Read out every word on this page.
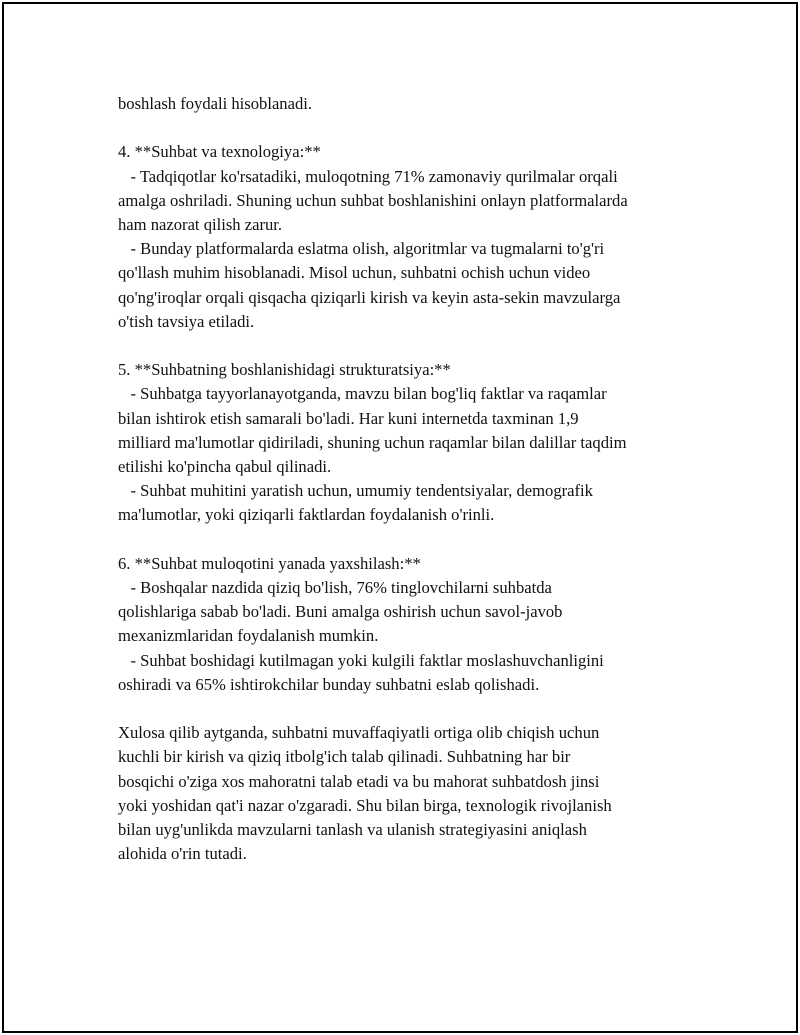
boshlash foydali hisoblanadi.

4. **Suhbat va texnologiya:**
- Tadqiqotlar ko'rsatadiki, muloqotning 71% zamonaviy qurilmalar orqali
amalga oshriladi. Shuning uchun suhbat boshlanishini onlayn platformalarda
ham nazorat qilish zarur.
- Bunday platformalarda eslatma olish, algoritmlar va tugmalarni to'g'ri
qo'llash muhim hisoblanadi. Misol uchun, suhbatni ochish uchun video
qo'ng'iroqlar orqali qisqacha qiziqarli kirish va keyin asta-sekin mavzularga
o'tish tavsiya etiladi.

5. **Suhbatning boshlanishidagi strukturatsiya:**
- Suhbatga tayyorlanayotganda, mavzu bilan bog'liq faktlar va raqamlar
bilan ishtirok etish samarali bo'ladi. Har kuni internetda taxminan 1,9
milliard ma'lumotlar qidiriladi, shuning uchun raqamlar bilan dalillar taqdim
etilishi ko'pincha qabul qilinadi.
- Suhbat muhitini yaratish uchun, umumiy tendentsiyalar, demografik
ma'lumotlar, yoki qiziqarli faktlardan foydalanish o'rinli.

6. **Suhbat muloqotini yanada yaxshilash:**
- Boshqalar nazdida qiziq bo'lish, 76% tinglovchilarni suhbatda
qolishlariga sabab bo'ladi. Buni amalga oshirish uchun savol-javob
mexanizmlaridan foydalanish mumkin.
- Suhbat boshidagi kutilmagan yoki kulgili faktlar moslashuvchanligini
oshiradi va 65% ishtirokchilar bunday suhbatni eslab qolishadi.

Xulosa qilib aytganda, suhbatni muvaffaqiyatli ortiga olib chiqish uchun
kuchli bir kirish va qiziq itbolg'ich talab qilinadi. Suhbatning har bir
bosqichi o'ziga xos mahoratni talab etadi va bu mahorat suhbatdosh jinsi
yoki yoshidan qat'i nazar o'zgaradi. Shu bilan birga, texnologik rivojlanish
bilan uyg'unlikda mavzularni tanlash va ulanish strategiyasini aniqlash
alohida o'rin tutadi.
